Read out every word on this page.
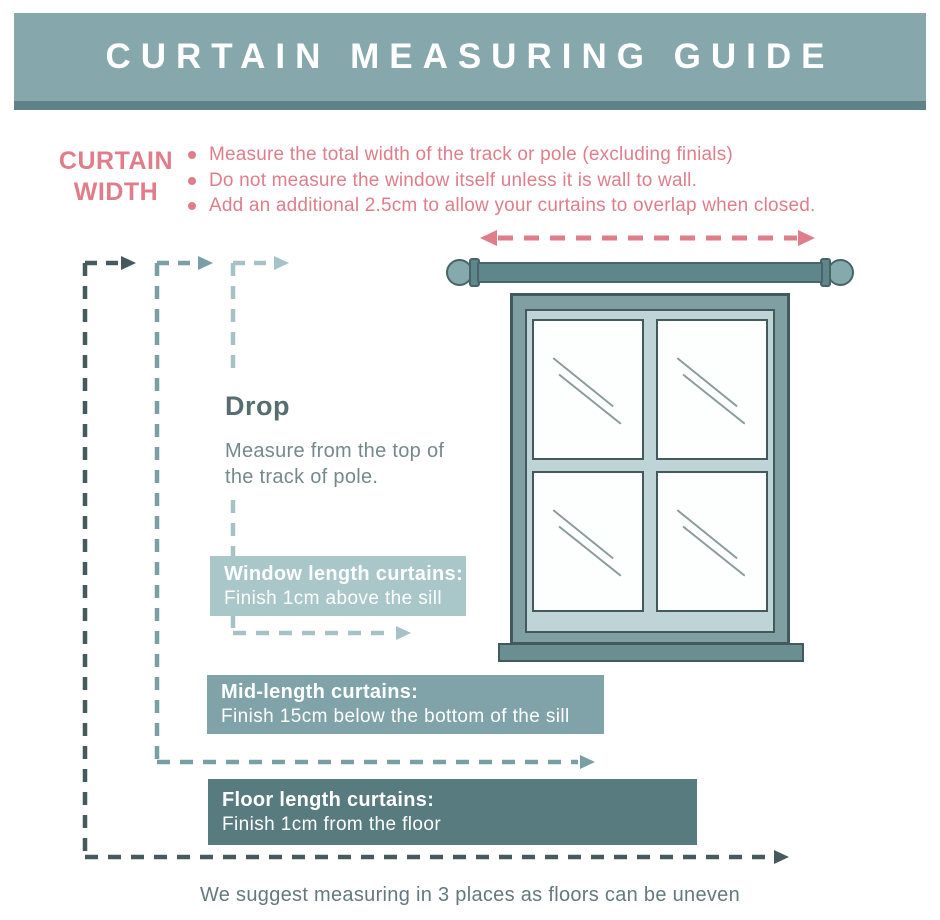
CURTAIN MEASURING GUIDE
CURTAIN
WIDTH
Measure the total width of the track or pole (excluding finials)
Do not measure the window itself unless it is wall to wall.
Add an additional 2.5cm to allow your curtains to overlap when closed.
Drop

Measure from the top of the track of pole.

Window length curtains:
Finish 1cm above the sill
Mid-length curtains:
Finish 15cm below the bottom of the sill
Floor length curtains:
Finish 1cm from the floor
We suggest measuring in 3 places as floors can be uneven
